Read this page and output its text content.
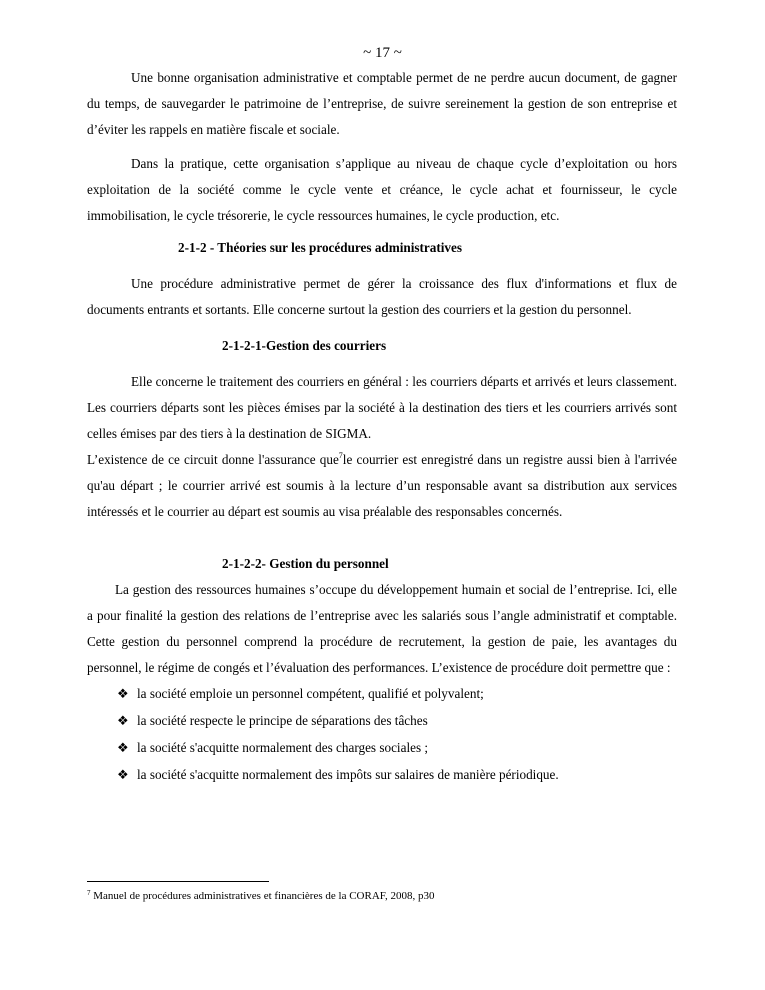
~ 17 ~

Une bonne organisation administrative et comptable permet de ne perdre aucun document, de gagner du temps, de sauvegarder le patrimoine de l’entreprise, de suivre sereinement la gestion de son entreprise et d’éviter les rappels en matière fiscale et sociale.

Dans la pratique, cette organisation s’applique au niveau de chaque cycle d’exploitation ou hors exploitation de la société comme le cycle vente et créance, le cycle achat et fournisseur, le cycle immobilisation, le cycle trésorerie, le cycle ressources humaines, le cycle production, etc.

2-1-2 - Théories sur les procédures administratives

Une procédure administrative permet de gérer la croissance des flux d'informations et flux de documents entrants et sortants. Elle concerne surtout la gestion des courriers et la gestion du personnel.

2-1-2-1-Gestion des courriers

Elle concerne le traitement des courriers en général : les courriers départs et arrivés et leurs classement. Les courriers départs sont les pièces émises par la société à la destination des tiers et les courriers arrivés sont celles émises par des tiers à la destination de SIGMA.

L’existence de ce circuit donne l'assurance que$^7$le courrier est enregistré dans un registre aussi bien à l'arrivée qu'au départ ; le courrier arrivé est soumis à la lecture d’un responsable avant sa distribution aux services intéressés et le courrier au départ est soumis au visa préalable des responsables concernés.

2-1-2-2- Gestion du personnel

La gestion des ressources humaines s’occupe du développement humain et social de l’entreprise. Ici, elle a pour finalité la gestion des relations de l’entreprise avec les salariés sous l’angle administratif et comptable. Cette gestion du personnel comprend la procédure de recrutement, la gestion de paie, les avantages du personnel, le régime de congés et l’évaluation des performances. L’existence de procédure doit permettre que :

❖ la société emploie un personnel compétent, qualifié et polyvalent;
❖ la société respecte le principe de séparations des tâches
❖ la société s'acquitte normalement des charges sociales ;
❖ la société s'acquitte normalement des impôts sur salaires de manière périodique.
$^7$ Manuel de procédures administratives et financières de la CORAF, 2008, p30
